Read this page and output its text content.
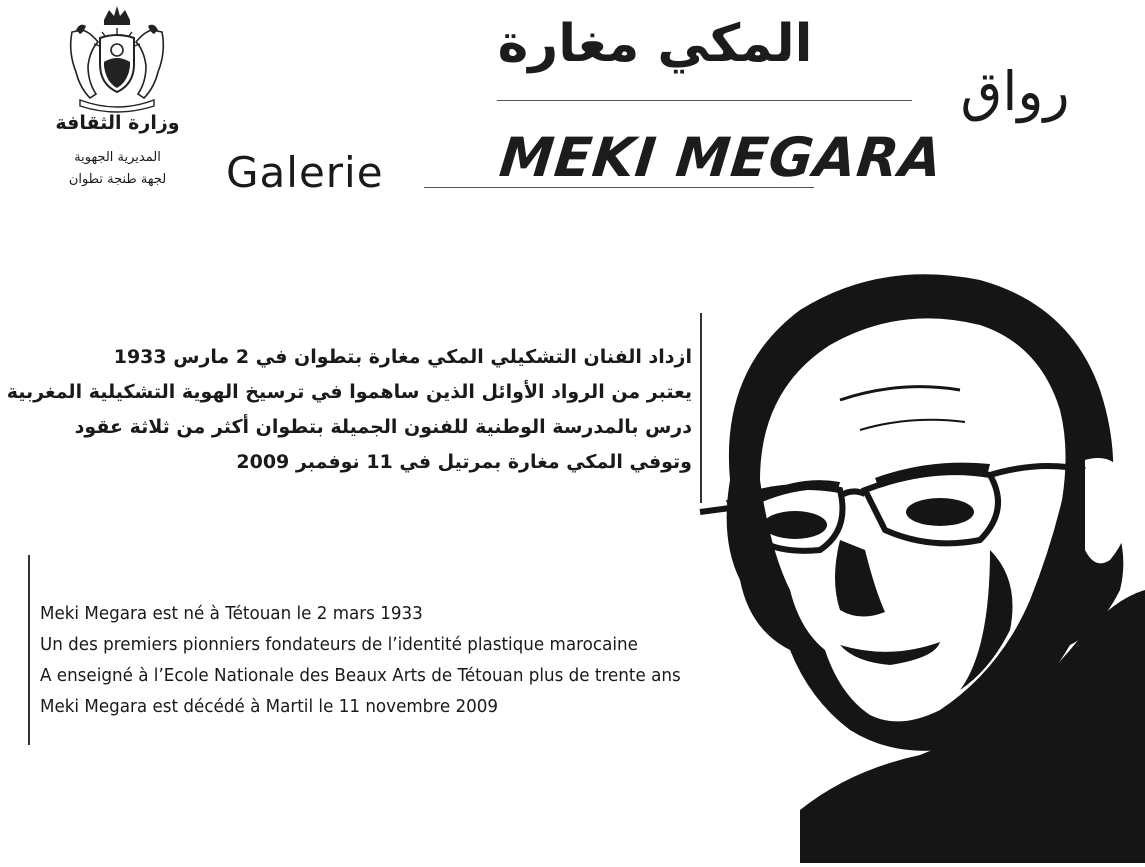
وزارة الثقافة
المديرية الجهوية
لجهة طنجة تطوان	Galerie MEKI MEGARA
المكي مغارة
رواق
ازداد الفنان التشكيلي المكي مغارة بتطوان في 2 مارس 1933
يعتبر من الرواد الأوائل الذين ساهموا في ترسيخ الهوية التشكيلية المغربية
درس بالمدرسة الوطنية للفنون الجميلة بتطوان أكثر من ثلاثة عقود
وتوفي المكي مغارة بمرتيل في 11 نوفمبر 2009
Meki Megara est né à Tétouan le 2 mars 1933
Un des premiers pionniers fondateurs de l’identité plastique marocaine
A enseigné à l’Ecole Nationale des Beaux Arts de Tétouan plus de trente ans
Meki Megara est décédé à Martil le 11 novembre 2009
